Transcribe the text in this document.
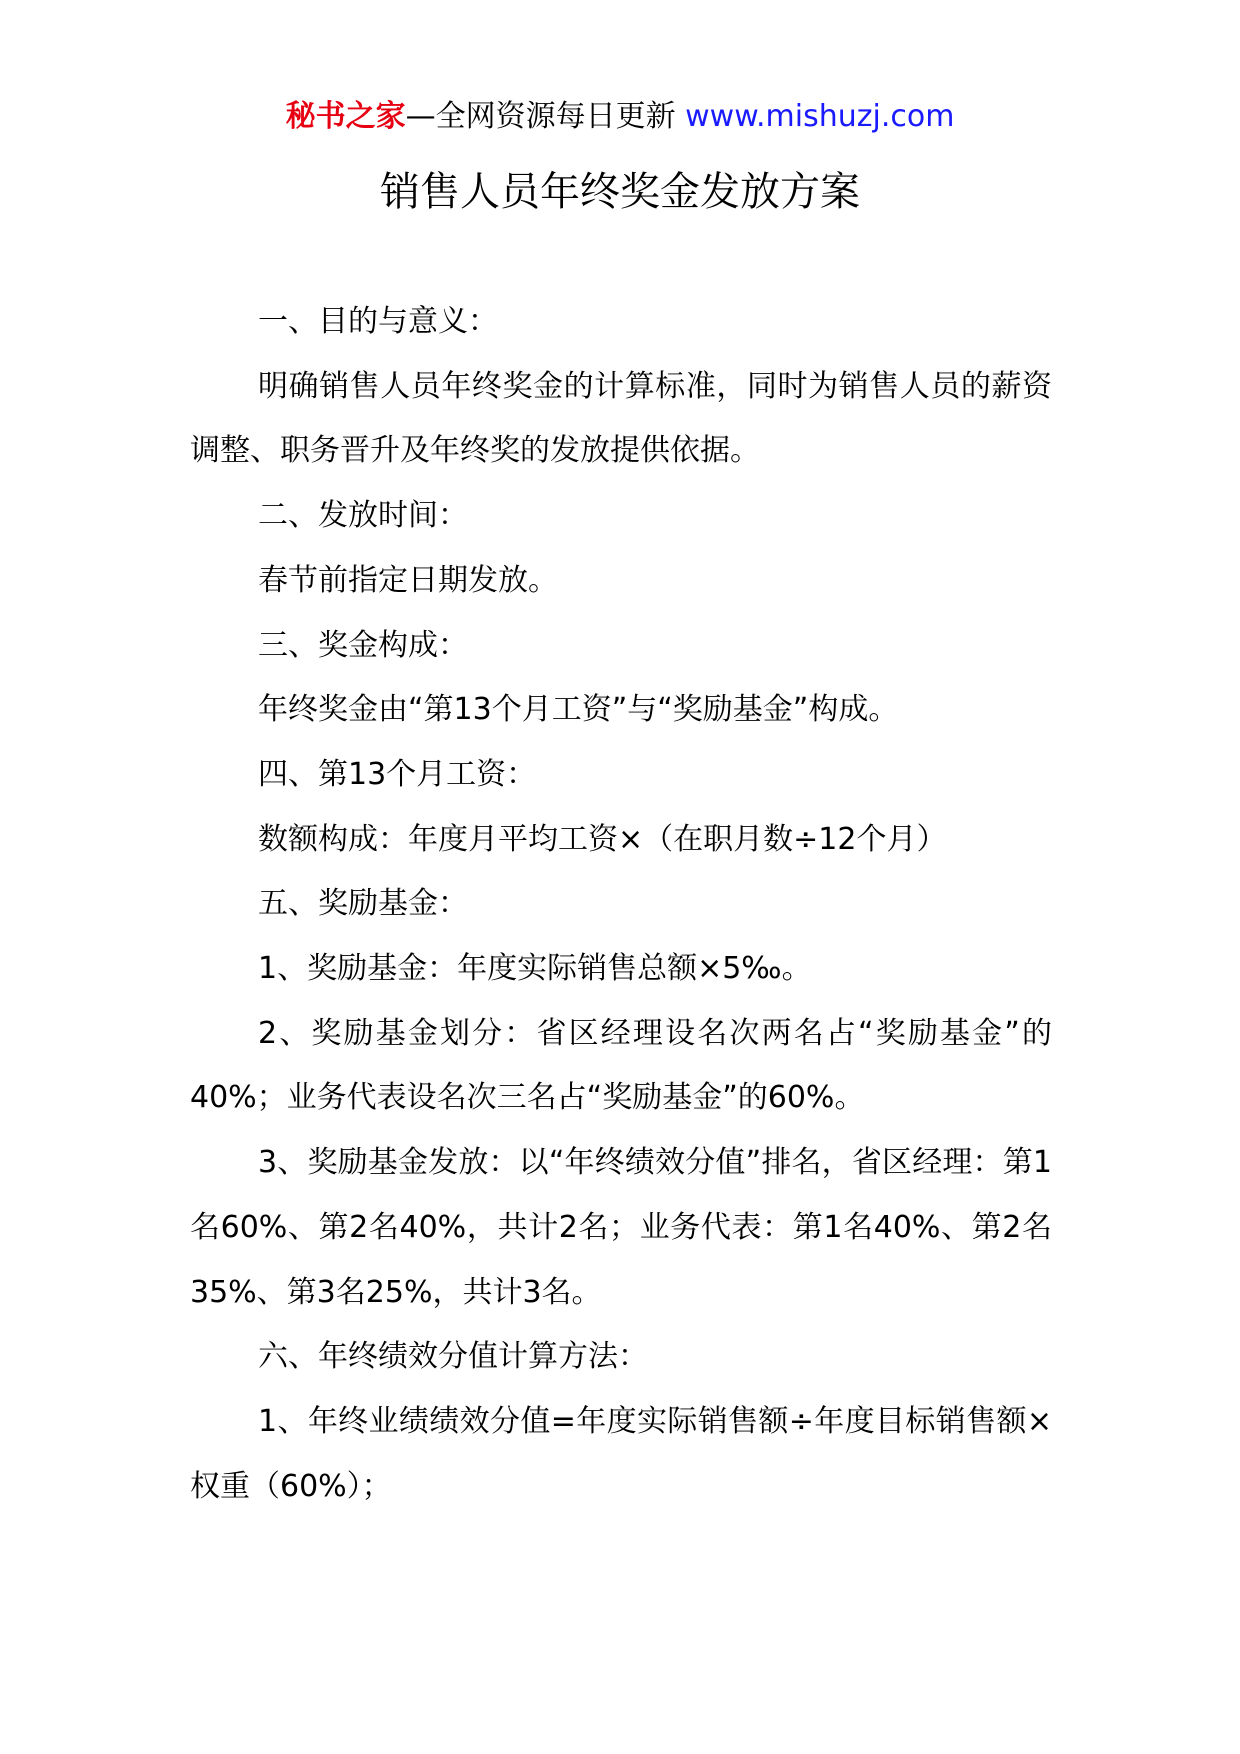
秘书之家—全网资源每日更新 www.mishuzj.com
销售人员年终奖金发放方案

一、目的与意义：

明确销售人员年终奖金的计算标准，同时为销售人员的薪资调整、职务晋升及年终奖的发放提供依据。

二、发放时间：

春节前指定日期发放。

三、奖金构成：

年终奖金由“第13个月工资”与“奖励基金”构成。

四、第13个月工资：

数额构成：年度月平均工资×（在职月数÷12个月）

五、奖励基金：

1、奖励基金：年度实际销售总额×5‰。

2、奖励基金划分：省区经理设名次两名占“奖励基金”的40%；业务代表设名次三名占“奖励基金”的60%。

3、奖励基金发放：以“年终绩效分值”排名，省区经理：第1名60%、第2名40%，共计2名；业务代表：第1名40%、第2名35%、第3名25%，共计3名。

六、年终绩效分值计算方法：

1、年终业绩绩效分值=年度实际销售额÷年度目标销售额×权重（60%）；
